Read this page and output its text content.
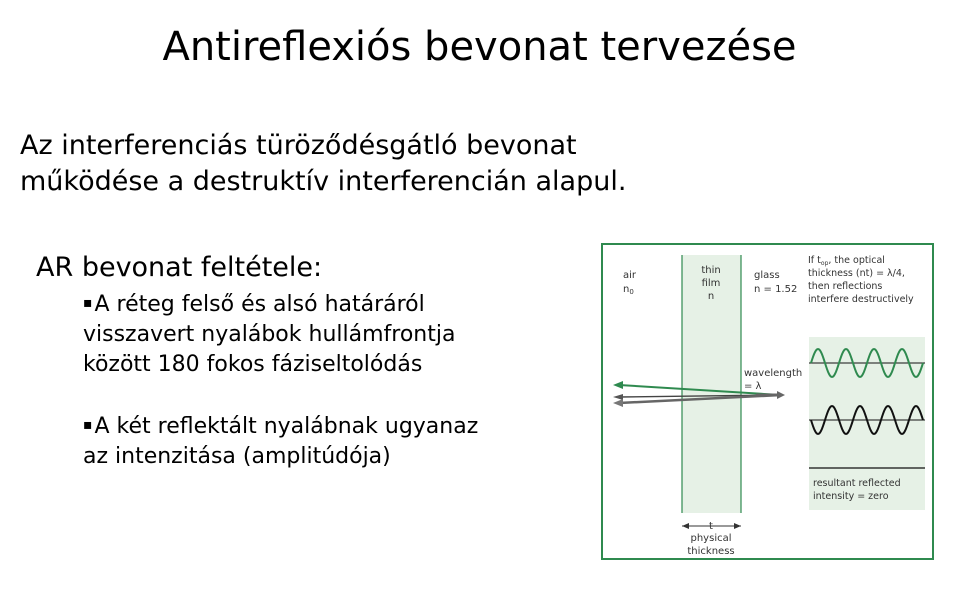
Antireflexiós bevonat tervezése
Az interferenciás türöződésgátló bevonat
működése a destruktív interferencián alapul.
AR bevonat feltétele:
▪A réteg felső és alsó határáról
visszavert nyalábok hullámfrontja
között 180 fokos fáziseltolódás
▪A két reflektált nyalábnak ugyanaz
az intenzitása (amplitúdója)
air
$n_0$
thin
film
n
glass
n = 1.52
If $t_{op}$, the optical
thickness (nt) = λ/4,
then reflections
interfere destructively
wavelength
= λ
resultant reflected
intensity = zero
t
physical
thickness
